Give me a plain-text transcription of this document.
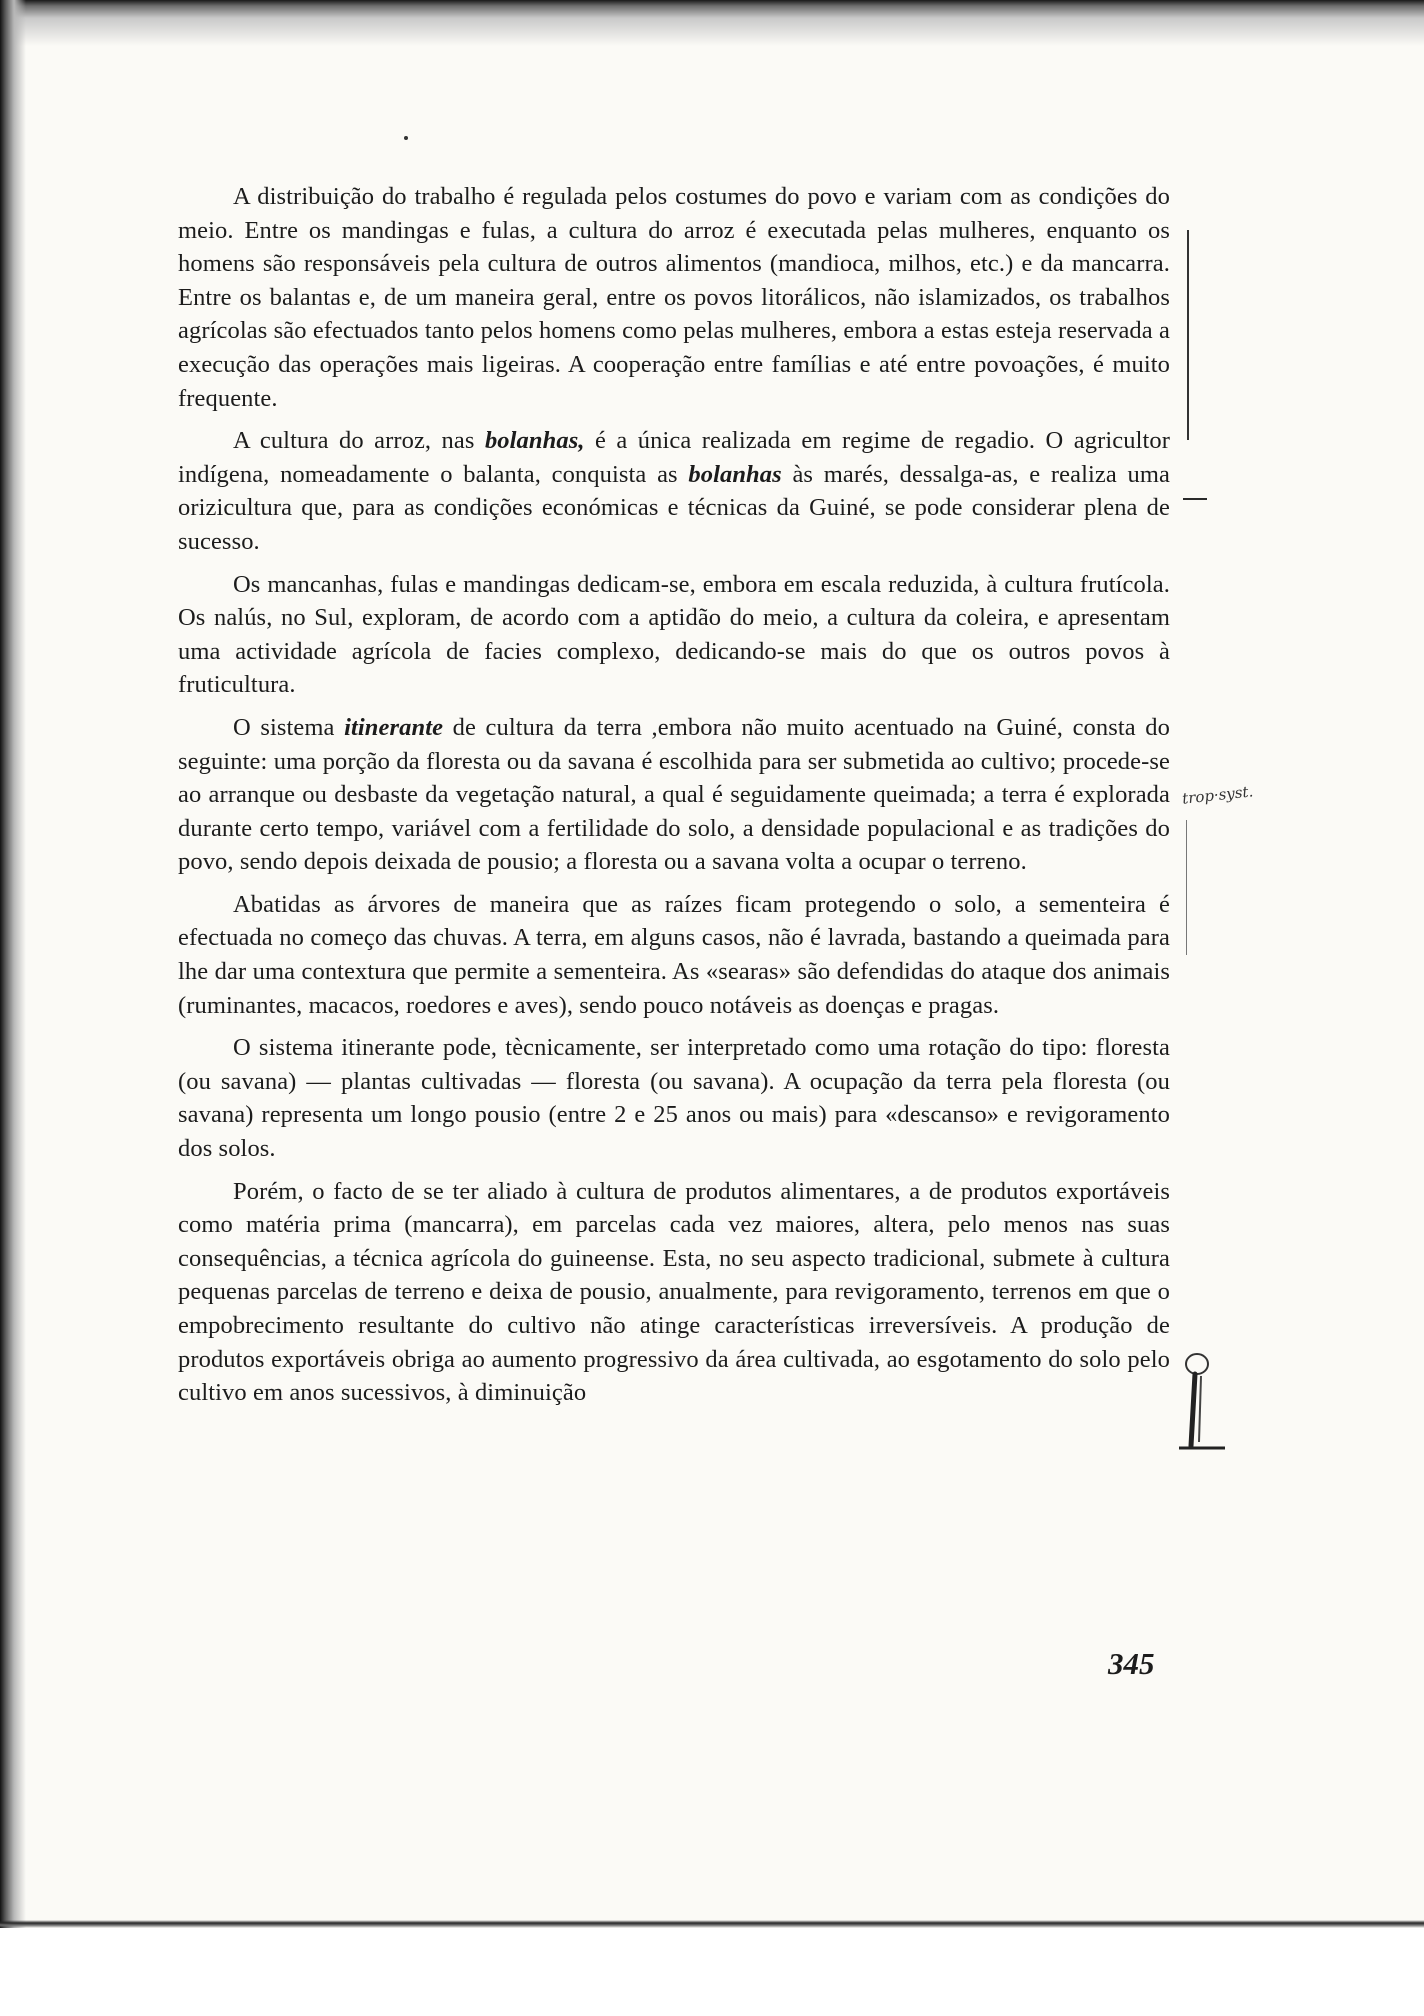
A distribuição do trabalho é regulada pelos costumes do povo e variam com as condições do meio. Entre os mandingas e fulas, a cultura do arroz é executada pelas mulheres, enquanto os homens são responsáveis pela cultura de outros alimentos (mandioca, milhos, etc.) e da mancarra. Entre os balantas e, de um maneira geral, entre os povos litorálicos, não islamizados, os trabalhos agrícolas são efectuados tanto pelos homens como pelas mulheres, embora a estas esteja reservada a execução das operações mais ligeiras. A cooperação entre famílias e até entre povoações, é muito frequente.

A cultura do arroz, nas bolanhas, é a única realizada em regime de regadio. O agricultor indígena, nomeadamente o balanta, conquista as bolanhas às marés, dessalga-as, e realiza uma orizicultura que, para as condições económicas e técnicas da Guiné, se pode considerar plena de sucesso.

Os mancanhas, fulas e mandingas dedicam-se, embora em escala reduzida, à cultura frutícola. Os nalús, no Sul, exploram, de acordo com a aptidão do meio, a cultura da coleira, e apresentam uma actividade agrícola de facies complexo, dedicando-se mais do que os outros povos à fruticultura.

O sistema itinerante de cultura da terra ,embora não muito acentuado na Guiné, consta do seguinte: uma porção da floresta ou da savana é escolhida para ser submetida ao cultivo; procede-se ao arranque ou desbaste da vegetação natural, a qual é seguidamente queimada; a terra é explorada durante certo tempo, variável com a fertilidade do solo, a densidade populacional e as tradições do povo, sendo depois deixada de pousio; a floresta ou a savana volta a ocupar o terreno.

Abatidas as árvores de maneira que as raízes ficam protegendo o solo, a sementeira é efectuada no começo das chuvas. A terra, em alguns casos, não é lavrada, bastando a queimada para lhe dar uma contextura que permite a sementeira. As «searas» são defendidas do ataque dos animais (ruminantes, macacos, roedores e aves), sendo pouco notáveis as doenças e pragas.

O sistema itinerante pode, tècnicamente, ser interpretado como uma rotação do tipo: floresta (ou savana) — plantas cultivadas — floresta (ou savana). A ocupação da terra pela floresta (ou savana) representa um longo pousio (entre 2 e 25 anos ou mais) para «descanso» e revigoramento dos solos.

Porém, o facto de se ter aliado à cultura de produtos alimentares, a de produtos exportáveis como matéria prima (mancarra), em parcelas cada vez maiores, altera, pelo menos nas suas consequências, a técnica agrícola do guineense. Esta, no seu aspecto tradicional, submete à cultura pequenas parcelas de terreno e deixa de pousio, anualmente, para revigoramento, terrenos em que o empobrecimento resultante do cultivo não atinge características irreversíveis. A produção de produtos exportáveis obriga ao aumento progressivo da área cultivada, ao esgotamento do solo pelo cultivo em anos sucessivos, à diminuição

345

trop·syst.
